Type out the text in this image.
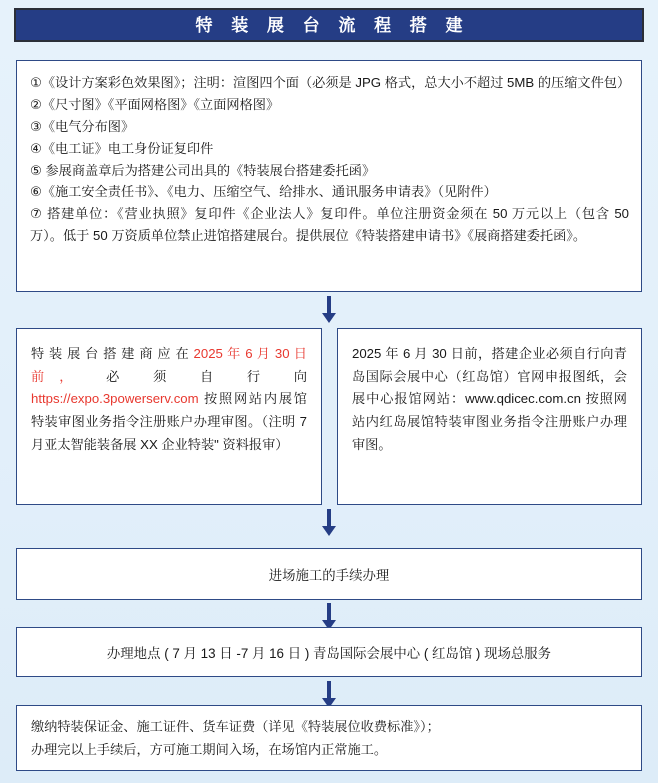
特 装 展 台 流 程 搭 建

①《设计方案彩色效果图》；注明：渲图四个面（必须是 JPG 格式，总大小不超过 5MB 的压缩文件包）

②《尺寸图》《平面网格图》《立面网格图》

③《电气分布图》

④《电工证》电工身份证复印件

⑤ 参展商盖章后为搭建公司出具的《特装展台搭建委托函》

⑥《施工安全责任书》、《电力、压缩空气、给排水、通讯服务申请表》（见附件）

⑦ 搭建单位：《营业执照》复印件《企业法人》复印件。单位注册资金须在 50 万元以上（包含 50 万）。低于 50 万资质单位禁止进馆搭建展台。提供展位《特装搭建申请书》《展商搭建委托函》。

特 装 展 台 搭 建 商 应 在 2025 年 6 月 30 日 前， 必 须 自 行 向 https://expo.3powerserv.com 按照网站内展馆特装审图业务指令注册账户办理审图。（注明 7月亚太智能装备展 XX 企业特装" 资料报审）
2025 年 6 月 30 日前，搭建企业必须自行向青岛国际会展中心（红岛馆）官网申报图纸，会展中心报馆网站：www.qdicec.com.cn 按照网站内红岛展馆特装审图业务指令注册账户办理审图。
进场施工的手续办理
办理地点 ( 7 月 13 日 -7 月 16 日 ) 青岛国际会展中心 ( 红岛馆 ) 现场总服务

缴纳特装保证金、施工证件、货车证费（详见《特装展位收费标准》）；

办理完以上手续后，方可施工期间入场，在场馆内正常施工。
